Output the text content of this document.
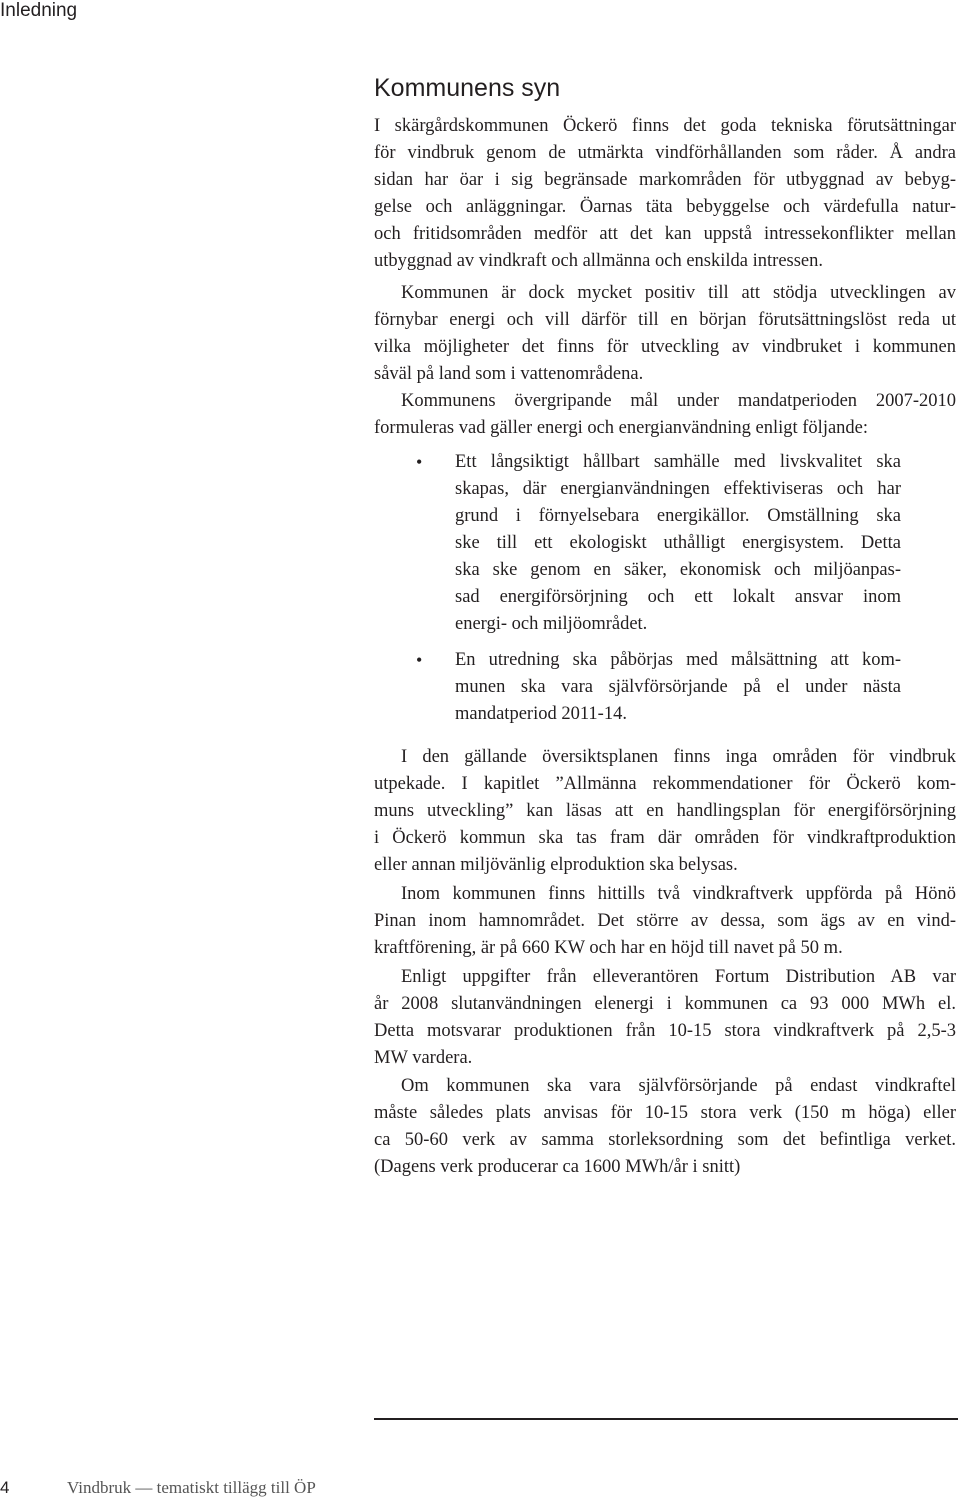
Inledning
Kommunens syn
I skärgårdskommunen Öckerö finns det goda tekniska förutsättningar
för vindbruk genom de utmärkta vindförhållanden som råder. Å andra
sidan har öar i sig begränsade markområden för utbyggnad av bebyg-
gelse och anläggningar. Öarnas täta bebyggelse och värdefulla natur-
och fritidsområden medför att det kan uppstå intressekonflikter mellan
utbyggnad av vindkraft och allmänna och enskilda intressen.
Kommunen är dock mycket positiv till att stödja utvecklingen av
förnybar energi och vill därför till en början förutsättningslöst reda ut
vilka möjligheter det finns för utveckling av vindbruket i kommunen
såväl på land som i vattenområdena.
Kommunens övergripande mål under mandatperioden 2007-2010
formuleras vad gäller energi och energianvändning enligt följande:
• Ett långsiktigt hållbart samhälle med livskvalitet ska
skapas, där energianvändningen effektiviseras och har
grund i förnyelsebara energikällor. Omställning ska
ske till ett ekologiskt uthålligt energisystem. Detta
ska ske genom en säker, ekonomisk och miljöanpas-
sad energiförsörjning och ett lokalt ansvar inom
energi- och miljöområdet.
• En utredning ska påbörjas med målsättning att kom-
munen ska vara självförsörjande på el under nästa
mandatperiod 2011-14.
I den gällande översiktsplanen finns inga områden för vindbruk
utpekade. I kapitlet ”Allmänna rekommendationer för Öckerö kom-
muns utveckling” kan läsas att en handlingsplan för energiförsörjning
i Öckerö kommun ska tas fram där områden för vindkraftproduktion
eller annan miljövänlig elproduktion ska belysas.
Inom kommunen finns hittills två vindkraftverk uppförda på Hönö
Pinan inom hamnområdet. Det större av dessa, som ägs av en vind-
kraftförening, är på 660 KW och har en höjd till navet på 50 m.
Enligt uppgifter från elleverantören Fortum Distribution AB var
år 2008 slutanvändningen elenergi i kommunen ca 93 000 MWh el.
Detta motsvarar produktionen från 10-15 stora vindkraftverk på 2,5-3
MW vardera.
Om kommunen ska vara självförsörjande på endast vindkraftel
måste således plats anvisas för 10-15 stora verk (150 m höga) eller
ca 50-60 verk av samma storleksordning som det befintliga verket.
(Dagens verk producerar ca 1600 MWh/år i snitt)
4	Vindbruk — tematiskt tillägg till ÖP
